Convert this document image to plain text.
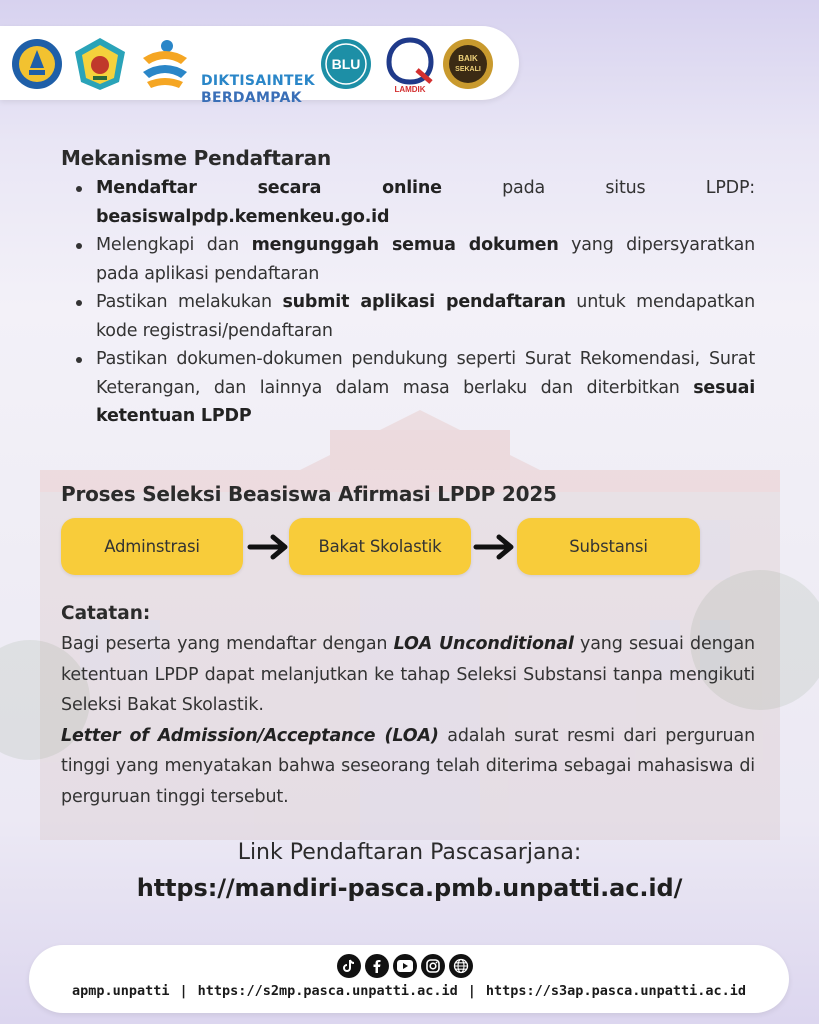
DIKTISAINTEK
BERDAMPAK
BLU
LAMDIK
BAIK
SEKALI
Mekanisme Pendaftaran
Mendaftar secara online pada situs LPDP:
beasiswalpdp.kemenkeu.go.id
Melengkapi dan mengunggah semua dokumen yang dipersyaratkan pada aplikasi pendaftaran
Pastikan melakukan submit aplikasi pendaftaran untuk mendapatkan kode registrasi/pendaftaran
Pastikan dokumen-dokumen pendukung seperti Surat Rekomendasi, Surat Keterangan, dan lainnya dalam masa berlaku dan diterbitkan sesuai ketentuan LPDP
Proses Seleksi Beasiswa Afirmasi LPDP 2025
Adminstrasi	Bakat Skolastik	Substansi
Catatan:

Bagi peserta yang mendaftar dengan LOA Unconditional yang sesuai dengan ketentuan LPDP dapat melanjutkan ke tahap Seleksi Substansi tanpa mengikuti Seleksi Bakat Skolastik.

Letter of Admission/Acceptance (LOA) adalah surat resmi dari perguruan tinggi yang menyatakan bahwa seseorang telah diterima sebagai mahasiswa di perguruan tinggi tersebut.

Link Pendaftaran Pascasarjana:
https://mandiri-pasca.pmb.unpatti.ac.id/
apmp.unpatti | https://s2mp.pasca.unpatti.ac.id | https://s3ap.pasca.unpatti.ac.id
